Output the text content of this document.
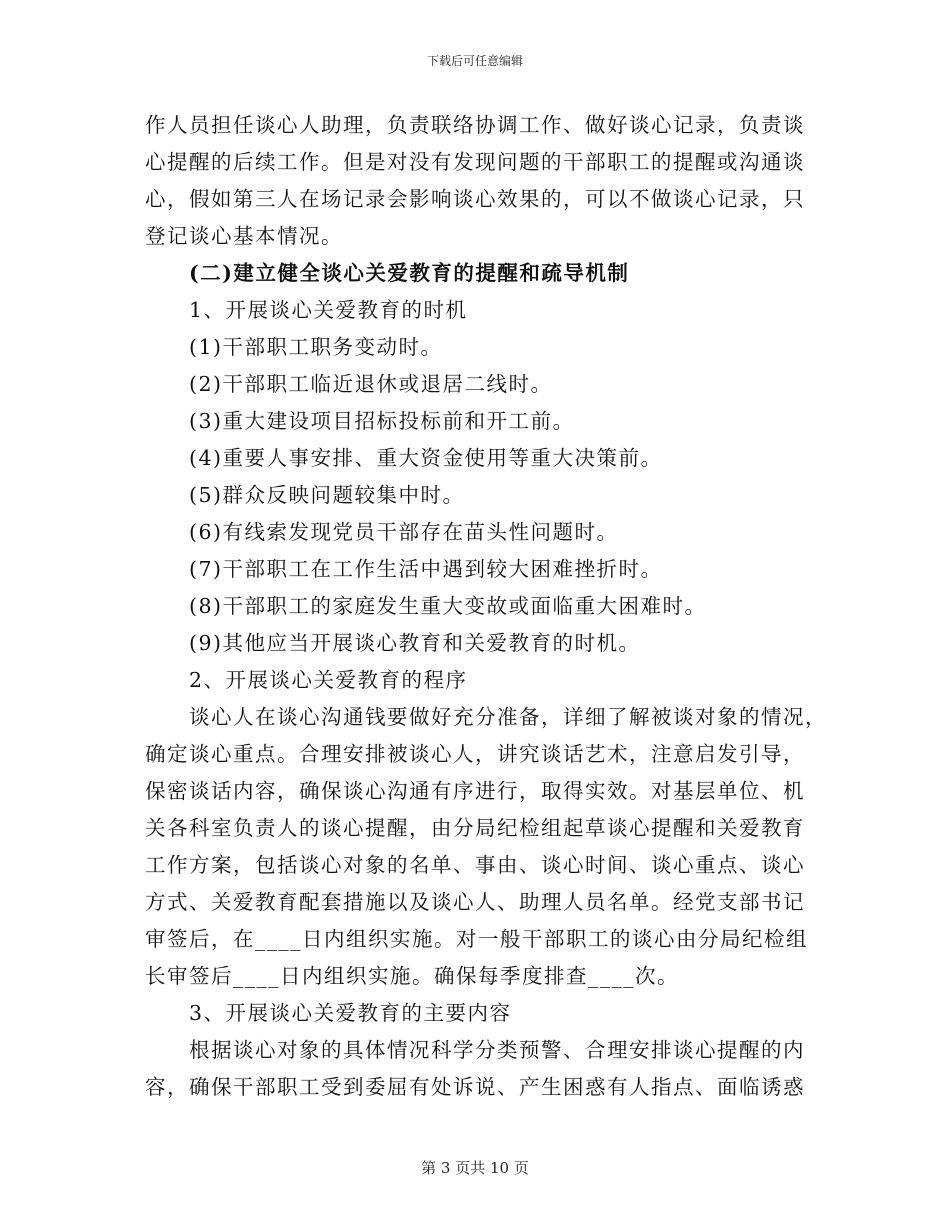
下载后可任意编辑

作人员担任谈心人助理，负责联络协调工作、做好谈心记录，负责谈

心提醒的后续工作。但是对没有发现问题的干部职工的提醒或沟通谈

心，假如第三人在场记录会影响谈心效果的，可以不做谈心记录，只

登记谈心基本情况。

(二)建立健全谈心关爱教育的提醒和疏导机制

1、开展谈心关爱教育的时机

(1)干部职工职务变动时。

(2)干部职工临近退休或退居二线时。

(3)重大建设项目招标投标前和开工前。

(4)重要人事安排、重大资金使用等重大决策前。

(5)群众反映问题较集中时。

(6)有线索发现党员干部存在苗头性问题时。

(7)干部职工在工作生活中遇到较大困难挫折时。

(8)干部职工的家庭发生重大变故或面临重大困难时。

(9)其他应当开展谈心教育和关爱教育的时机。

2、开展谈心关爱教育的程序

谈心人在谈心沟通钱要做好充分准备，详细了解被谈对象的情况，

确定谈心重点。合理安排被谈心人，讲究谈话艺术，注意启发引导，

保密谈话内容，确保谈心沟通有序进行，取得实效。对基层单位、机

关各科室负责人的谈心提醒，由分局纪检组起草谈心提醒和关爱教育

工作方案，包括谈心对象的名单、事由、谈心时间、谈心重点、谈心

方式、关爱教育配套措施以及谈心人、助理人员名单。经党支部书记

审签后，在____日内组织实施。对一般干部职工的谈心由分局纪检组

长审签后____日内组织实施。确保每季度排查____次。

3、开展谈心关爱教育的主要内容

根据谈心对象的具体情况科学分类预警、合理安排谈心提醒的内

容，确保干部职工受到委屈有处诉说、产生困惑有人指点、面临诱惑

第 3 页共 10 页
